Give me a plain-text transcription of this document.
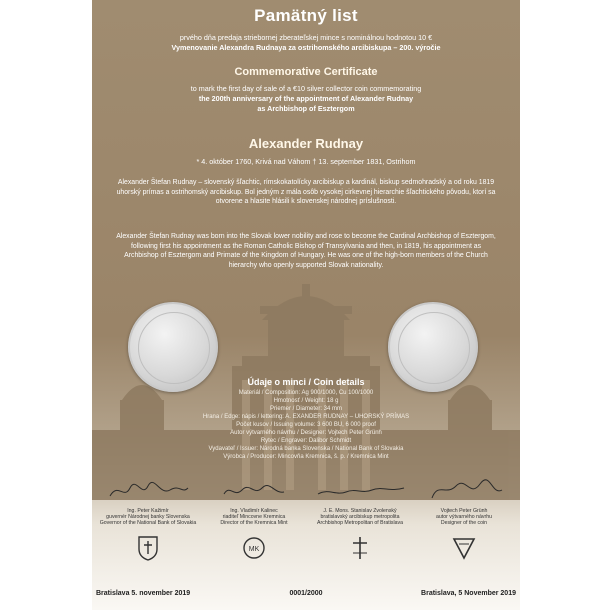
Pamätný list

prvého dňa predaja striebornej zberateľskej mince s nominálnou hodnotou 10 €

Vymenovanie Alexandra Rudnaya za ostrihomského arcibiskupa – 200. výročie

Commemorative Certificate

to mark the first day of sale of a €10 silver collector coin commemorating

the 200th anniversary of the appointment of Alexander Rudnay

as Archbishop of Esztergom

Alexander Rudnay

* 4. október 1760, Krivá nad Váhom † 13. september 1831, Ostrihom

Alexander Štefan Rudnay – slovenský šľachtic, rímskokatolícky arcibiskup a kardinál, biskup sedmohradský a od roku 1819 uhorský prímas a ostrihomský arcibiskup. Bol jedným z mála osôb vysokej cirkevnej hierarchie šľachtického pôvodu, ktorí sa otvorene a hlasite hlásili k slovenskej národnej príslušnosti.

Alexander Štefan Rudnay was born into the Slovak lower nobility and rose to become the Cardinal Archbishop of Esztergom, following first his appointment as the Roman Catholic Bishop of Transylvania and then, in 1819, his appointment as Archbishop of Esztergom and Primate of the Kingdom of Hungary. He was one of the high-born members of the Church hierarchy who openly supported Slovak nationality.

Údaje o minci / Coin details

Materiál / Composition: Ag 900/1000, Cu 100/1000

Hmotnosť / Weight: 18 g

Priemer / Diameter: 34 mm

Hrana / Edge: nápis / lettering: A. EXANDER RUDNAY – UHORSKÝ PRÍMAS

Počet kusov / Issuing volume: 3 600 BU, 6 000 proof

Autor výtvarného návrhu / Designer: Vojtech Peter Grünh

Rytec / Engraver: Dalibor Schmidt

Vydavateľ / Issuer: Národná banka Slovenska / National Bank of Slovakia

Výrobca / Producer: Mincovňa Kremnica, š. p. / Kremnica Mint

Ing. Peter Kažimír
guvernér Národnej banky Slovenska
Governor of the National Bank of Slovakia
Ing. Vladimír Kalinec
riaditeľ Mincovne Kremnica
Director of the Kremnica Mint
J. E. Mons. Stanislav Zvolenský
bratislavský arcibiskup metropolita
Archbishop Metropolitan of Bratislava
Vojtech Peter Grünh
autor výtvarného návrhu
Designer of the coin
MK

Bratislava 5. november 2019	0001/2000	Bratislava, 5 November 2019
